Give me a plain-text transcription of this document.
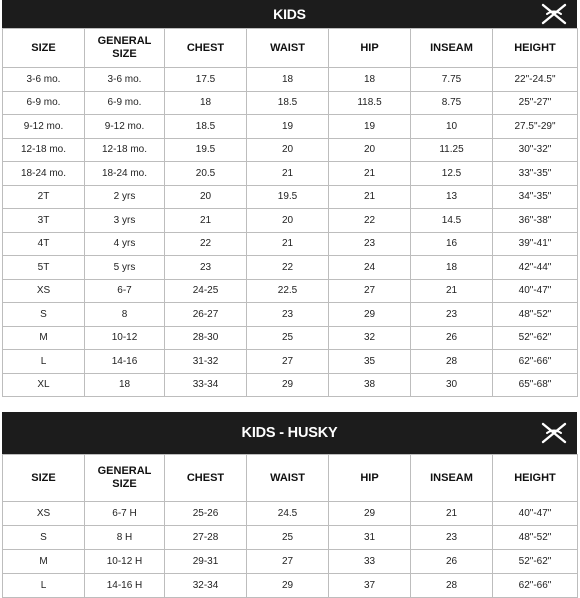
KIDS
SIZE	GENERAL SIZE	CHEST	WAIST	HIP	INSEAM	HEIGHT
3-6 mo.	3-6 mo.	17.5	18	18	7.75	22"-24.5"
6-9 mo.	6-9 mo.	18	18.5	118.5	8.75	25"-27"
9-12 mo.	9-12 mo.	18.5	19	19	10	27.5"-29"
12-18 mo.	12-18 mo.	19.5	20	20	11.25	30"-32"
18-24 mo.	18-24 mo.	20.5	21	21	12.5	33"-35"
2T	2 yrs	20	19.5	21	13	34"-35"
3T	3 yrs	21	20	22	14.5	36"-38"
4T	4 yrs	22	21	23	16	39"-41"
5T	5 yrs	23	22	24	18	42"-44"
XS	6-7	24-25	22.5	27	21	40"-47"
S	8	26-27	23	29	23	48"-52"
M	10-12	28-30	25	32	26	52"-62"
L	14-16	31-32	27	35	28	62"-66"
XL	18	33-34	29	38	30	65"-68"
KIDS - HUSKY
SIZE	GENERAL SIZE	CHEST	WAIST	HIP	INSEAM	HEIGHT
XS	6-7 H	25-26	24.5	29	21	40"-47"
S	8 H	27-28	25	31	23	48"-52"
M	10-12 H	29-31	27	33	26	52"-62"
L	14-16 H	32-34	29	37	28	62"-66"
